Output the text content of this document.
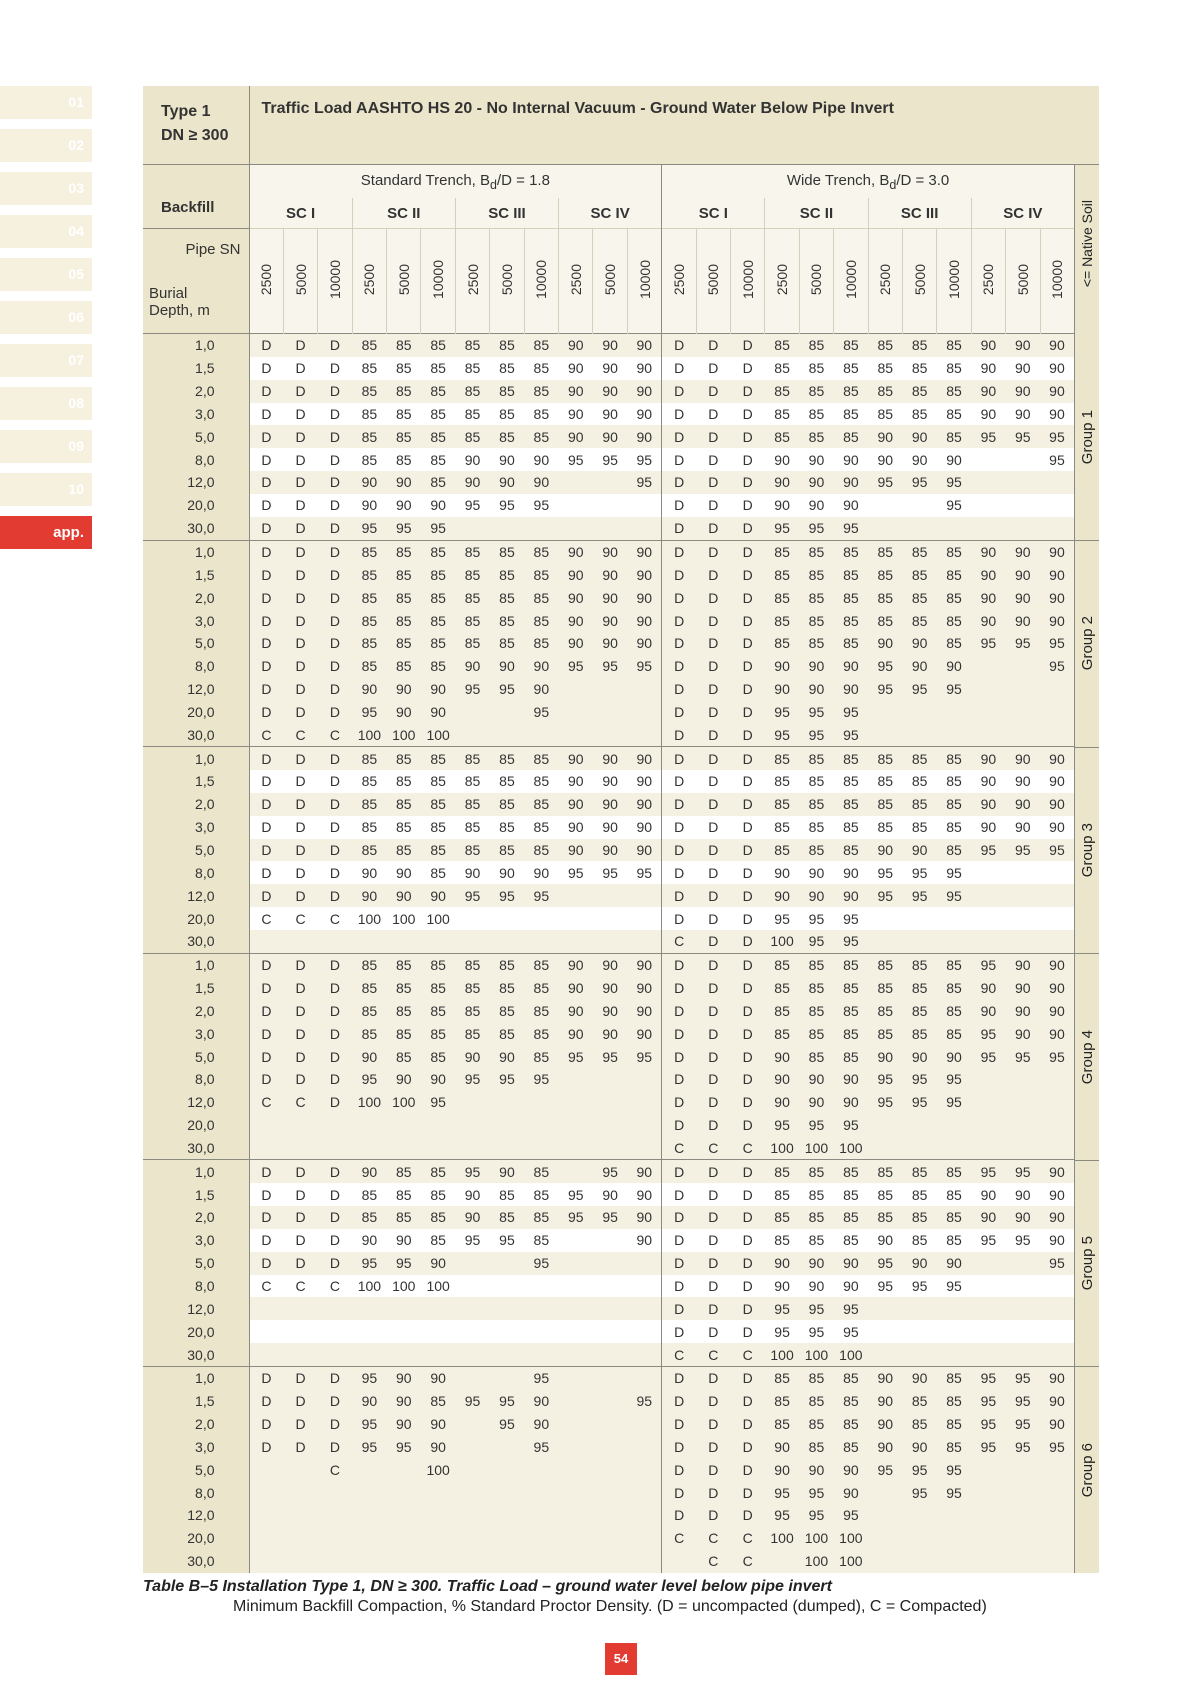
01
02
03
04
05
06
07
08
09
10
app.
Type 1
DN ≥ 300	Traffic Load AASHTO HS 20 - No Internal Vacuum - Ground Water Below Pipe Invert																								
Backfill	Standard Trench, $B_d/D = 1.8$												Wide Trench, $B_d/D = 3.0$												
	SC I			SC II			SC III			SC IV			SC I			SC II			SC III			SC IV			

Pipe SN
Burial Depth, m	2500	5000	10000	2500	5000	10000	2500	5000	10000	2500	5000	10000	2500	5000	10000	2500	5000	10000	2500	5000	10000	2500	5000	10000	
1,0	D	D	D	85	85	85	85	85	85	90	90	90	D	D	D	85	85	85	85	85	85	90	90	90	
1,5	D	D	D	85	85	85	85	85	85	90	90	90	D	D	D	85	85	85	85	85	85	90	90	90	
2,0	D	D	D	85	85	85	85	85	85	90	90	90	D	D	D	85	85	85	85	85	85	90	90	90	
3,0	D	D	D	85	85	85	85	85	85	90	90	90	D	D	D	85	85	85	85	85	85	90	90	90	
5,0	D	D	D	85	85	85	85	85	85	90	90	90	D	D	D	85	85	85	90	90	85	95	95	95	
8,0	D	D	D	85	85	85	90	90	90	95	95	95	D	D	D	90	90	90	90	90	90			95	
12,0	D	D	D	90	90	85	90	90	90			95	D	D	D	90	90	90	95	95	95				
20,0	D	D	D	90	90	90	95	95	95				D	D	D	90	90	90			95				
30,0	D	D	D	95	95	95							D	D	D	95	95	95							
1,0	D	D	D	85	85	85	85	85	85	90	90	90	D	D	D	85	85	85	85	85	85	90	90	90	
1,5	D	D	D	85	85	85	85	85	85	90	90	90	D	D	D	85	85	85	85	85	85	90	90	90	
2,0	D	D	D	85	85	85	85	85	85	90	90	90	D	D	D	85	85	85	85	85	85	90	90	90	
3,0	D	D	D	85	85	85	85	85	85	90	90	90	D	D	D	85	85	85	85	85	85	90	90	90	
5,0	D	D	D	85	85	85	85	85	85	90	90	90	D	D	D	85	85	85	90	90	85	95	95	95	
8,0	D	D	D	85	85	85	90	90	90	95	95	95	D	D	D	90	90	90	95	90	90			95	
12,0	D	D	D	90	90	90	95	95	90				D	D	D	90	90	90	95	95	95				
20,0	D	D	D	95	90	90			95				D	D	D	95	95	95							
30,0	C	C	C	100	100	100							D	D	D	95	95	95							
1,0	D	D	D	85	85	85	85	85	85	90	90	90	D	D	D	85	85	85	85	85	85	90	90	90	
1,5	D	D	D	85	85	85	85	85	85	90	90	90	D	D	D	85	85	85	85	85	85	90	90	90	
2,0	D	D	D	85	85	85	85	85	85	90	90	90	D	D	D	85	85	85	85	85	85	90	90	90	
3,0	D	D	D	85	85	85	85	85	85	90	90	90	D	D	D	85	85	85	85	85	85	90	90	90	
5,0	D	D	D	85	85	85	85	85	85	90	90	90	D	D	D	85	85	85	90	90	85	95	95	95	
8,0	D	D	D	90	90	85	90	90	90	95	95	95	D	D	D	90	90	90	95	95	95				
12,0	D	D	D	90	90	90	95	95	95				D	D	D	90	90	90	95	95	95				
20,0	C	C	C	100	100	100							D	D	D	95	95	95							
30,0													C	D	D	100	95	95							
1,0	D	D	D	85	85	85	85	85	85	90	90	90	D	D	D	85	85	85	85	85	85	95	90	90	
1,5	D	D	D	85	85	85	85	85	85	90	90	90	D	D	D	85	85	85	85	85	85	90	90	90	
2,0	D	D	D	85	85	85	85	85	85	90	90	90	D	D	D	85	85	85	85	85	85	90	90	90	
3,0	D	D	D	85	85	85	85	85	85	90	90	90	D	D	D	85	85	85	85	85	85	95	90	90	
5,0	D	D	D	90	85	85	90	90	85	95	95	95	D	D	D	90	85	85	90	90	90	95	95	95	
8,0	D	D	D	95	90	90	95	95	95				D	D	D	90	90	90	95	95	95				
12,0	C	C	D	100	100	95							D	D	D	90	90	90	95	95	95				
20,0													D	D	D	95	95	95							
30,0													C	C	C	100	100	100							
1,0	D	D	D	90	85	85	95	90	85		95	90	D	D	D	85	85	85	85	85	85	95	95	90	
1,5	D	D	D	85	85	85	90	85	85	95	90	90	D	D	D	85	85	85	85	85	85	90	90	90	
2,0	D	D	D	85	85	85	90	85	85	95	95	90	D	D	D	85	85	85	85	85	85	90	90	90	
3,0	D	D	D	90	90	85	95	95	85			90	D	D	D	85	85	85	90	85	85	95	95	90	
5,0	D	D	D	95	95	90			95				D	D	D	90	90	90	95	90	90			95	
8,0	C	C	C	100	100	100							D	D	D	90	90	90	95	95	95				
12,0													D	D	D	95	95	95							
20,0													D	D	D	95	95	95							
30,0													C	C	C	100	100	100							
1,0	D	D	D	95	90	90			95				D	D	D	85	85	85	90	90	85	95	95	90	
1,5	D	D	D	90	90	85	95	95	90			95	D	D	D	85	85	85	90	85	85	95	95	90	
2,0	D	D	D	95	90	90		95	90				D	D	D	85	85	85	90	85	85	95	95	90	
3,0	D	D	D	95	95	90			95				D	D	D	90	85	85	90	90	85	95	95	95	
5,0			C			100							D	D	D	90	90	90	95	95	95				
8,0													D	D	D	95	95	90		95	95				
12,0													D	D	D	95	95	95							
20,0													C	C	C	100	100	100							
30,0														C	C		100	100							
Group 1
Group 2
Group 3
Group 4
Group 5
Group 6
<= Native Soil
Table B–5 Installation Type 1, DN ≥ 300. Traffic Load – ground water level below pipe invert
Minimum Backfill Compaction, % Standard Proctor Density. (D = uncompacted (dumped), C = Compacted)
54
